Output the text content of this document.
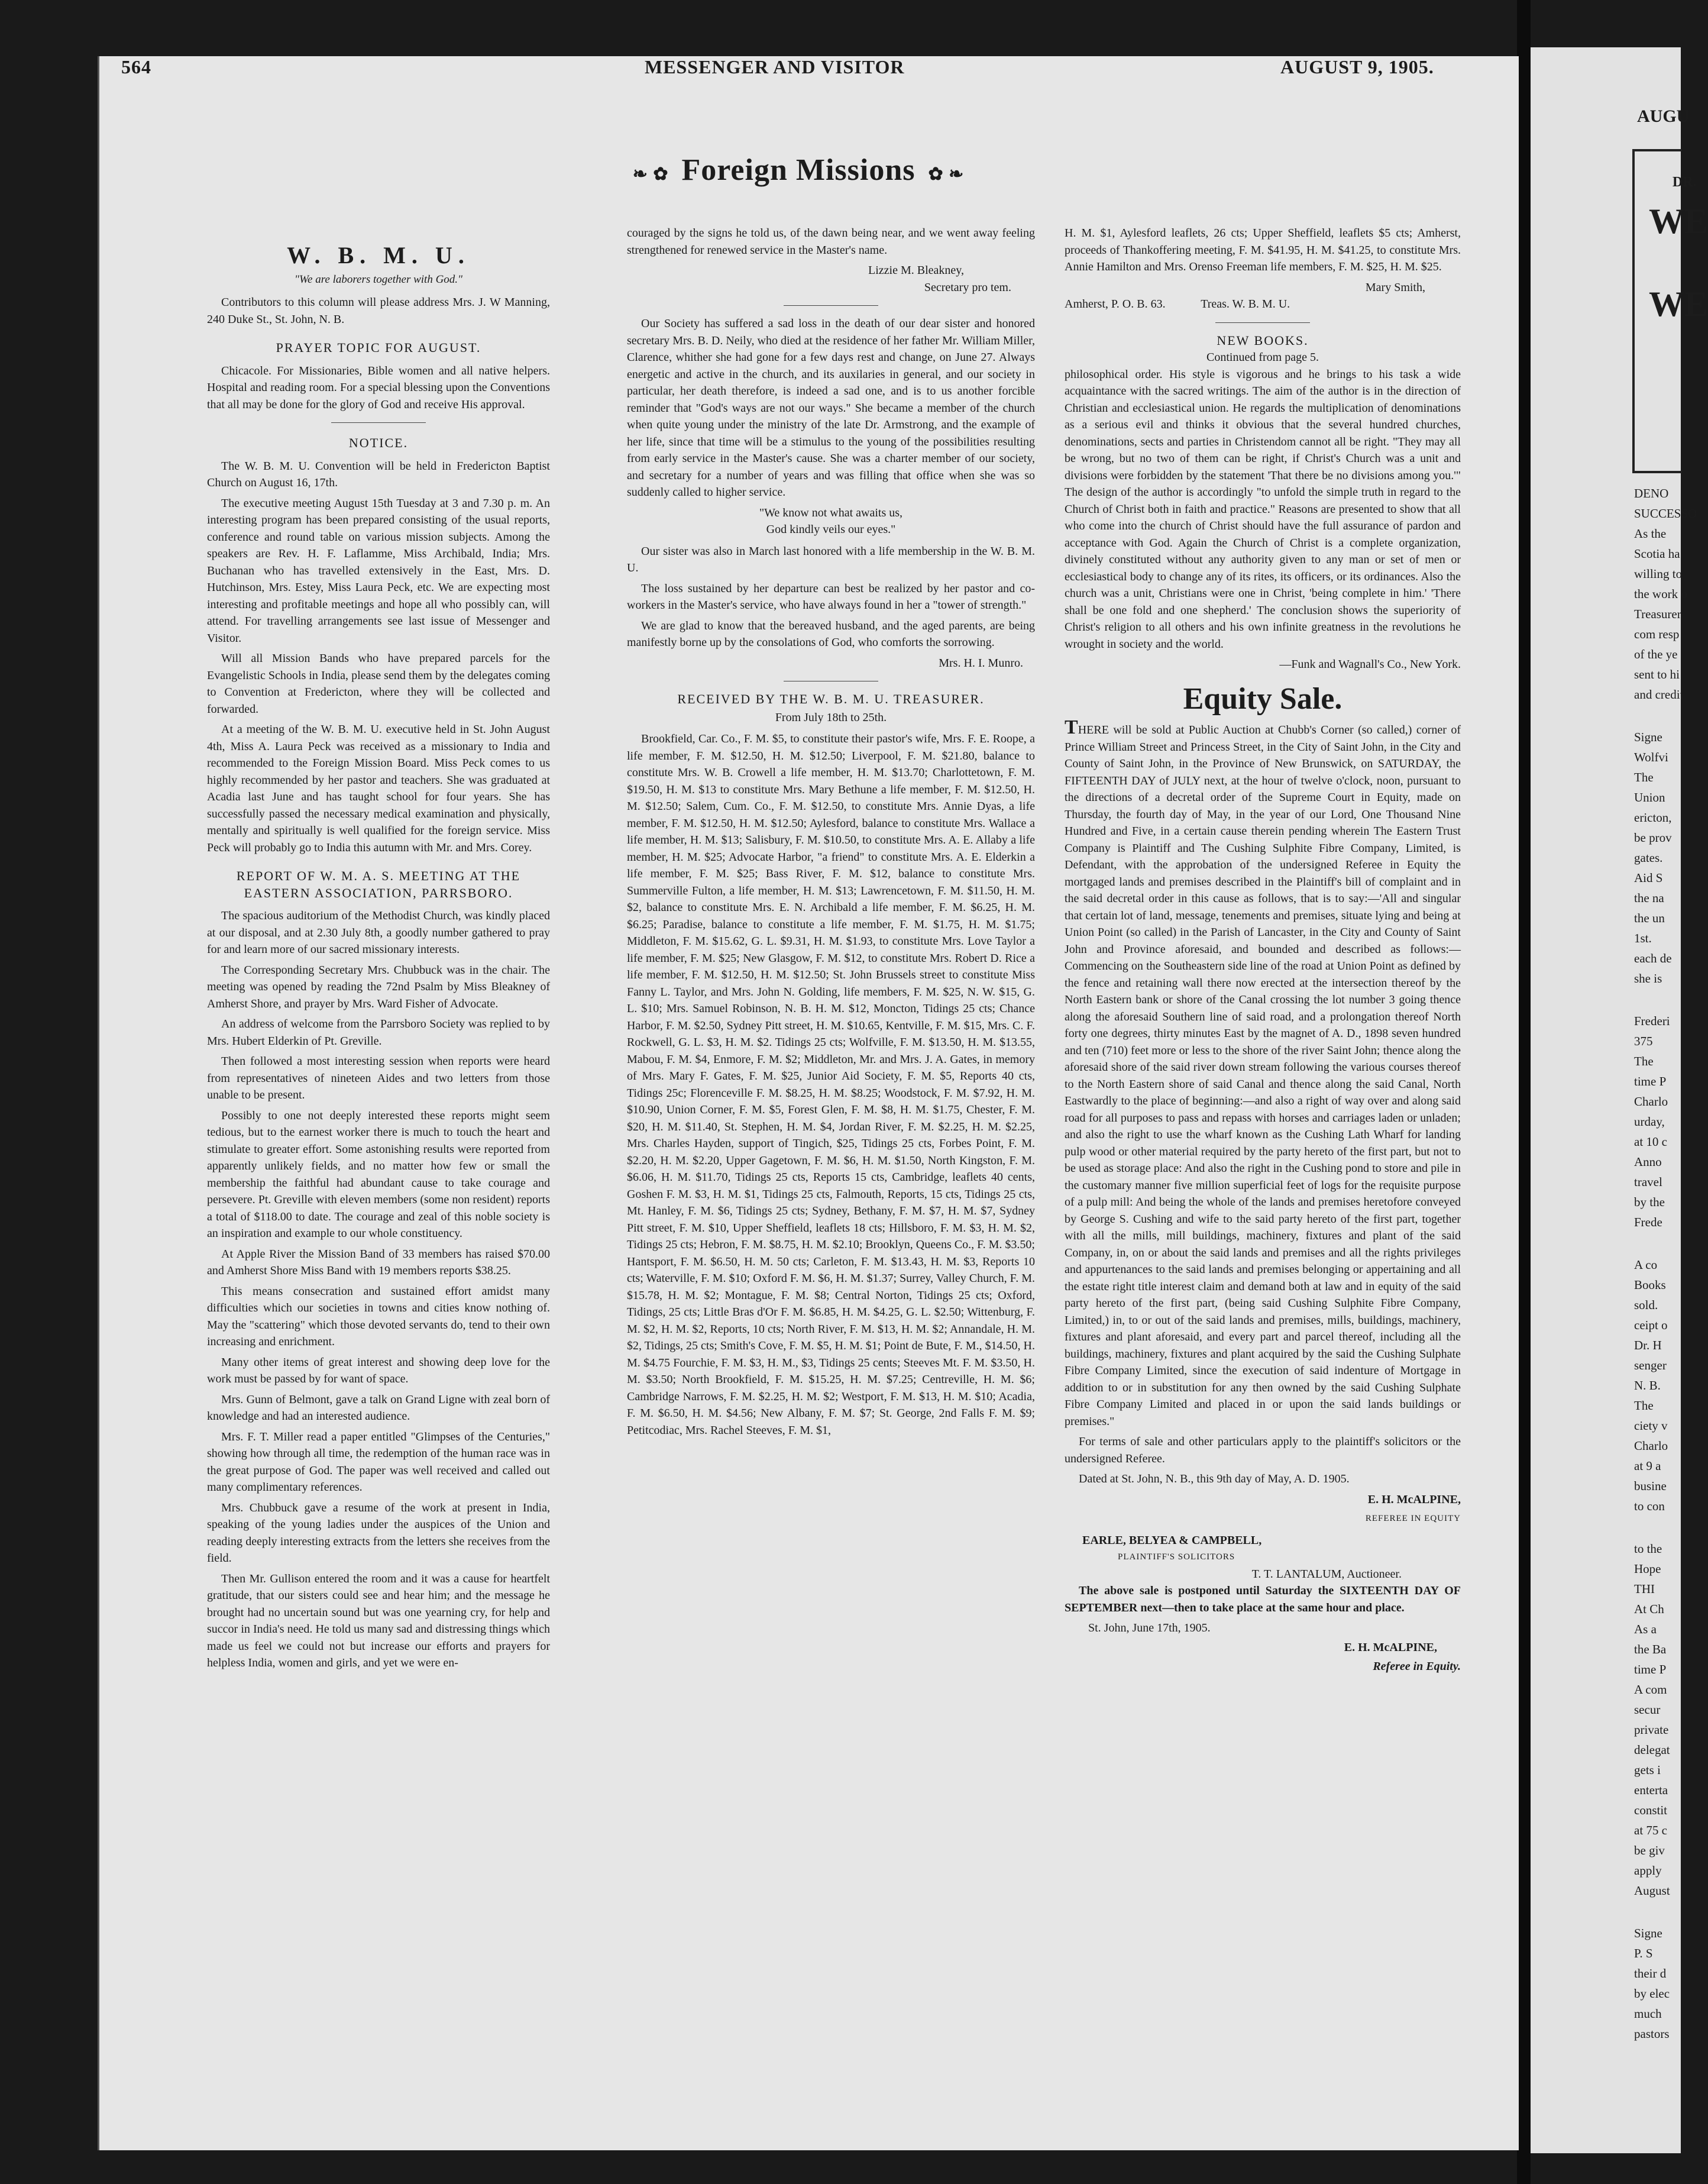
564	MESSENGER AND VISITOR	AUGUST 9, 1905.
❧ ✿ Foreign Missions ✿ ❧
W. B. M. U.
"We are laborers together with God."

Contributors to this column will please address Mrs. J. W Manning, 240 Duke St., St. John, N. B.

PRAYER TOPIC FOR AUGUST.

Chicacole. For Missionaries, Bible women and all native helpers. Hospital and reading room. For a special blessing upon the Conventions that all may be done for the glory of God and receive His approval.

NOTICE.

The W. B. M. U. Convention will be held in Fredericton Baptist Church on August 16, 17th.

The executive meeting August 15th Tuesday at 3 and 7.30 p. m. An interesting program has been prepared consisting of the usual reports, conference and round table on various mission subjects. Among the speakers are Rev. H. F. Laflamme, Miss Archibald, India; Mrs. Buchanan who has travelled extensively in the East, Mrs. D. Hutchinson, Mrs. Estey, Miss Laura Peck, etc. We are expecting most interesting and profitable meetings and hope all who possibly can, will attend. For travelling arrangements see last issue of Messenger and Visitor.

Will all Mission Bands who have prepared parcels for the Evangelistic Schools in India, please send them by the delegates coming to Convention at Fredericton, where they will be collected and forwarded.

At a meeting of the W. B. M. U. executive held in St. John August 4th, Miss A. Laura Peck was received as a missionary to India and recommended to the Foreign Mission Board. Miss Peck comes to us highly recommended by her pastor and teachers. She was graduated at Acadia last June and has taught school for four years. She has successfully passed the necessary medical examination and physically, mentally and spiritually is well qualified for the foreign service. Miss Peck will probably go to India this autumn with Mr. and Mrs. Corey.

REPORT OF W. M. A. S. MEETING AT THE EASTERN ASSOCIATION, PARRSBORO.

The spacious auditorium of the Methodist Church, was kindly placed at our disposal, and at 2.30 July 8th, a goodly number gathered to pray for and learn more of our sacred missionary interests.

The Corresponding Secretary Mrs. Chubbuck was in the chair. The meeting was opened by reading the 72nd Psalm by Miss Bleakney of Amherst Shore, and prayer by Mrs. Ward Fisher of Advocate.

An address of welcome from the Parrsboro Society was replied to by Mrs. Hubert Elderkin of Pt. Greville.

Then followed a most interesting session when reports were heard from representatives of nineteen Aides and two letters from those unable to be present.

Possibly to one not deeply interested these reports might seem tedious, but to the earnest worker there is much to touch the heart and stimulate to greater effort. Some astonishing results were reported from apparently unlikely fields, and no matter how few or small the membership the faithful had abundant cause to take courage and persevere. Pt. Greville with eleven members (some non resident) reports a total of $118.00 to date. The courage and zeal of this noble society is an inspiration and example to our whole constituency.

At Apple River the Mission Band of 33 members has raised $70.00 and Amherst Shore Miss Band with 19 members reports $38.25.

This means consecration and sustained effort amidst many difficulties which our societies in towns and cities know nothing of. May the "scattering" which those devoted servants do, tend to their own increasing and enrichment.

Many other items of great interest and showing deep love for the work must be passed by for want of space.

Mrs. Gunn of Belmont, gave a talk on Grand Ligne with zeal born of knowledge and had an interested audience.

Mrs. F. T. Miller read a paper entitled "Glimpses of the Centuries," showing how through all time, the redemption of the human race was in the great purpose of God. The paper was well received and called out many complimentary references.

Mrs. Chubbuck gave a resume of the work at present in India, speaking of the young ladies under the auspices of the Union and reading deeply interesting extracts from the letters she receives from the field.

Then Mr. Gullison entered the room and it was a cause for heartfelt gratitude, that our sisters could see and hear him; and the message he brought had no uncertain sound but was one yearning cry, for help and succor in India's need. He told us many sad and distressing things which made us feel we could not but increase our efforts and prayers for helpless India, women and girls, and yet we were en-

couraged by the signs he told us, of the dawn being near, and we went away feeling strengthened for renewed service in the Master's name.

Lizzie M. Bleakney,
Secretary pro tem.

Our Society has suffered a sad loss in the death of our dear sister and honored secretary Mrs. B. D. Neily, who died at the residence of her father Mr. William Miller, Clarence, whither she had gone for a few days rest and change, on June 27. Always energetic and active in the church, and its auxilaries in general, and our society in particular, her death therefore, is indeed a sad one, and is to us another forcible reminder that "God's ways are not our ways." She became a member of the church when quite young under the ministry of the late Dr. Armstrong, and the example of her life, since that time will be a stimulus to the young of the possibilities resulting from early service in the Master's cause. She was a charter member of our society, and secretary for a number of years and was filling that office when she was so suddenly called to higher service.

"We know not what awaits us,
God kindly veils our eyes."

Our sister was also in March last honored with a life membership in the W. B. M. U.

The loss sustained by her departure can best be realized by her pastor and co-workers in the Master's service, who have always found in her a "tower of strength."

We are glad to know that the bereaved husband, and the aged parents, are being manifestly borne up by the consolations of God, who comforts the sorrowing.

Mrs. H. I. Munro.
RECEIVED BY THE W. B. M. U. TREASURER.
From July 18th to 25th.

Brookfield, Car. Co., F. M. $5, to constitute their pastor's wife, Mrs. F. E. Roope, a life member, F. M. $12.50, H. M. $12.50; Liverpool, F. M. $21.80, balance to constitute Mrs. W. B. Crowell a life member, H. M. $13.70; Charlottetown, F. M. $19.50, H. M. $13 to constitute Mrs. Mary Bethune a life member, F. M. $12.50, H. M. $12.50; Salem, Cum. Co., F. M. $12.50, to constitute Mrs. Annie Dyas, a life member, F. M. $12.50, H. M. $12.50; Aylesford, balance to constitute Mrs. Wallace a life member, H. M. $13; Salisbury, F. M. $10.50, to constitute Mrs. A. E. Allaby a life member, H. M. $25; Advocate Harbor, "a friend" to constitute Mrs. A. E. Elderkin a life member, F. M. $25; Bass River, F. M. $12, balance to constitute Mrs. Summerville Fulton, a life member, H. M. $13; Lawrencetown, F. M. $11.50, H. M. $2, balance to constitute Mrs. E. N. Archibald a life member, F. M. $6.25, H. M. $6.25; Paradise, balance to constitute a life member, F. M. $1.75, H. M. $1.75; Middleton, F. M. $15.62, G. L. $9.31, H. M. $1.93, to constitute Mrs. Love Taylor a life member, F. M. $25; New Glasgow, F. M. $12, to constitute Mrs. Robert D. Rice a life member, F. M. $12.50, H. M. $12.50; St. John Brussels street to constitute Miss Fanny L. Taylor, and Mrs. John N. Golding, life members, F. M. $25, N. W. $15, G. L. $10; Mrs. Samuel Robinson, N. B. H. M. $12, Moncton, Tidings 25 cts; Chance Harbor, F. M. $2.50, Sydney Pitt street, H. M. $10.65, Kentville, F. M. $15, Mrs. C. F. Rockwell, G. L. $3, H. M. $2. Tidings 25 cts; Wolfville, F. M. $13.50, H. M. $13.55, Mabou, F. M. $4, Enmore, F. M. $2; Middleton, Mr. and Mrs. J. A. Gates, in memory of Mrs. Mary F. Gates, F. M. $25, Junior Aid Society, F. M. $5, Reports 40 cts, Tidings 25c; Florenceville F. M. $8.25, H. M. $8.25; Woodstock, F. M. $7.92, H. M. $10.90, Union Corner, F. M. $5, Forest Glen, F. M. $8, H. M. $1.75, Chester, F. M. $20, H. M. $11.40, St. Stephen, H. M. $4, Jordan River, F. M. $2.25, H. M. $2.25, Mrs. Charles Hayden, support of Tingich, $25, Tidings 25 cts, Forbes Point, F. M. $2.20, H. M. $2.20, Upper Gagetown, F. M. $6, H. M. $1.50, North Kingston, F. M. $6.06, H. M. $11.70, Tidings 25 cts, Reports 15 cts, Cambridge, leaflets 40 cents, Goshen F. M. $3, H. M. $1, Tidings 25 cts, Falmouth, Reports, 15 cts, Tidings 25 cts, Mt. Hanley, F. M. $6, Tidings 25 cts; Sydney, Bethany, F. M. $7, H. M. $7, Sydney Pitt street, F. M. $10, Upper Sheffield, leaflets 18 cts; Hillsboro, F. M. $3, H. M. $2, Tidings 25 cts; Hebron, F. M. $8.75, H. M. $2.10; Brooklyn, Queens Co., F. M. $3.50; Hantsport, F. M. $6.50, H. M. 50 cts; Carleton, F. M. $13.43, H. M. $3, Reports 10 cts; Waterville, F. M. $10; Oxford F. M. $6, H. M. $1.37; Surrey, Valley Church, F. M. $15.78, H. M. $2; Montague, F. M. $8; Central Norton, Tidings 25 cts; Oxford, Tidings, 25 cts; Little Bras d'Or F. M. $6.85, H. M. $4.25, G. L. $2.50; Wittenburg, F. M. $2, H. M. $2, Reports, 10 cts; North River, F. M. $13, H. M. $2; Annandale, H. M. $2, Tidings, 25 cts; Smith's Cove, F. M. $5, H. M. $1; Point de Bute, F. M., $14.50, H. M. $4.75 Fourchie, F. M. $3, H. M., $3, Tidings 25 cents; Steeves Mt. F. M. $3.50, H. M. $3.50; North Brookfield, F. M. $15.25, H. M. $7.25; Centreville, H. M. $6; Cambridge Narrows, F. M. $2.25, H. M. $2; Westport, F. M. $13, H. M. $10; Acadia, F. M. $6.50, H. M. $4.56; New Albany, F. M. $7; St. George, 2nd Falls F. M. $9; Petitcodiac, Mrs. Rachel Steeves, F. M. $1,

H. M. $1, Aylesford leaflets, 26 cts; Upper Sheffield, leaflets $5 cts; Amherst, proceeds of Thankoffering meeting, F. M. $41.95, H. M. $41.25, to constitute Mrs. Annie Hamilton and Mrs. Orenso Freeman life members, F. M. $25, H. M. $25.

Mary Smith,
Amherst, P. O. B. 63.            Treas. W. B. M. U.
NEW BOOKS.
Continued from page 5.

philosophical order. His style is vigorous and he brings to his task a wide acquaintance with the sacred writings. The aim of the author is in the direction of Christian and ecclesiastical union. He regards the multiplication of denominations as a serious evil and thinks it obvious that the several hundred churches, denominations, sects and parties in Christendom cannot all be right. "They may all be wrong, but no two of them can be right, if Christ's Church was a unit and divisions were forbidden by the statement 'That there be no divisions among you.'" The design of the author is accordingly "to unfold the simple truth in regard to the Church of Christ both in faith and practice." Reasons are presented to show that all who come into the church of Christ should have the full assurance of pardon and acceptance with God. Again the Church of Christ is a complete organization, divinely constituted without any authority given to any man or set of men or ecclesiastical body to change any of its rites, its officers, or its ordinances. Also the church was a unit, Christians were one in Christ, 'being complete in him.' 'There shall be one fold and one shepherd.' The conclusion shows the superiority of Christ's religion to all others and his own infinite greatness in the revolutions he wrought in society and the world.

—Funk and Wagnall's Co., New York.
Equity Sale.

THERE will be sold at Public Auction at Chubb's Corner (so called,) corner of Prince William Street and Princess Street, in the City of Saint John, in the City and County of Saint John, in the Province of New Brunswick, on SATURDAY, the FIFTEENTH DAY of JULY next, at the hour of twelve o'clock, noon, pursuant to the directions of a decretal order of the Supreme Court in Equity, made on Thursday, the fourth day of May, in the year of our Lord, One Thousand Nine Hundred and Five, in a certain cause therein pending wherein The Eastern Trust Company is Plaintiff and The Cushing Sulphite Fibre Company, Limited, is Defendant, with the approbation of the undersigned Referee in Equity the mortgaged lands and premises described in the Plaintiff's bill of complaint and in the said decretal order in this cause as follows, that is to say:—'All and singular that certain lot of land, message, tenements and premises, situate lying and being at Union Point (so called) in the Parish of Lancaster, in the City and County of Saint John and Province aforesaid, and bounded and described as follows:—Commencing on the Southeastern side line of the road at Union Point as defined by the fence and retaining wall there now erected at the intersection thereof by the North Eastern bank or shore of the Canal crossing the lot number 3 going thence along the aforesaid Southern line of said road, and a prolongation thereof North forty one degrees, thirty minutes East by the magnet of A. D., 1898 seven hundred and ten (710) feet more or less to the shore of the river Saint John; thence along the aforesaid shore of the said river down stream following the various courses thereof to the North Eastern shore of said Canal and thence along the said Canal, North Eastwardly to the place of beginning:—and also a right of way over and along said road for all purposes to pass and repass with horses and carriages laden or unladen; and also the right to use the wharf known as the Cushing Lath Wharf for landing pulp wood or other material required by the party hereto of the first part, but not to be used as storage place: And also the right in the Cushing pond to store and pile in the customary manner five million superficial feet of logs for the requisite purpose of a pulp mill: And being the whole of the lands and premises heretofore conveyed by George S. Cushing and wife to the said party hereto of the first part, together with all the mills, mill buildings, machinery, fixtures and plant of the said Company, in, on or about the said lands and premises and all the rights privileges and appurtenances to the said lands and premises belonging or appertaining and all the estate right title interest claim and demand both at law and in equity of the said party hereto of the first part, (being said Cushing Sulphite Fibre Company, Limited,) in, to or out of the said lands and premises, mills, buildings, machinery, fixtures and plant aforesaid, and every part and parcel thereof, including all the buildings, machinery, fixtures and plant acquired by the said the Cushing Sulphate Fibre Company Limited, since the execution of said indenture of Mortgage in addition to or in substitution for any then owned by the said Cushing Sulphate Fibre Company Limited and placed in or upon the said lands buildings or premises."

For terms of sale and other particulars apply to the plaintiff's solicitors or the undersigned Referee.

Dated at St. John, N. B., this 9th day of May, A. D. 1905.

E. H. McALPINE,
REFEREE IN EQUITY
EARLE, BELYEA & CAMPBELL,
PLAINTIFF'S SOLICITORS
T. T. LANTALUM, Auctioneer.

The above sale is postponed until Saturday the SIXTEENTH DAY OF SEPTEMBER next—then to take place at the same hour and place.

St. John, June 17th, 1905.
E. H. McALPINE,
Referee in Equity.
AUGU
DR.
WE
WE
DENO
SUCCESSO
As the
Scotia ha
willing to
the work o
Treasurer
com resp
of the ye
sent to hi
and credit
Signe
Wolfvi
The
Union
ericton,
be prov
gates.
Aid S
the na
the un
1st.
each de
she is
Frederi
375
The
time P
Charlo
urday,
at 10 c
Anno
travel
by the
Frede
A co
Books
sold.
ceipt o
Dr. H
senger
N. B.
The
ciety v
Charlo
at 9 a
busine
to con
to the
Hope
THI
At Ch
As a
the Ba
time P
A com
secur
private
delegat
gets i
enterta
constit
at 75 c
be giv
apply
August
Signe
P. S
their d
by elec
much
pastors
